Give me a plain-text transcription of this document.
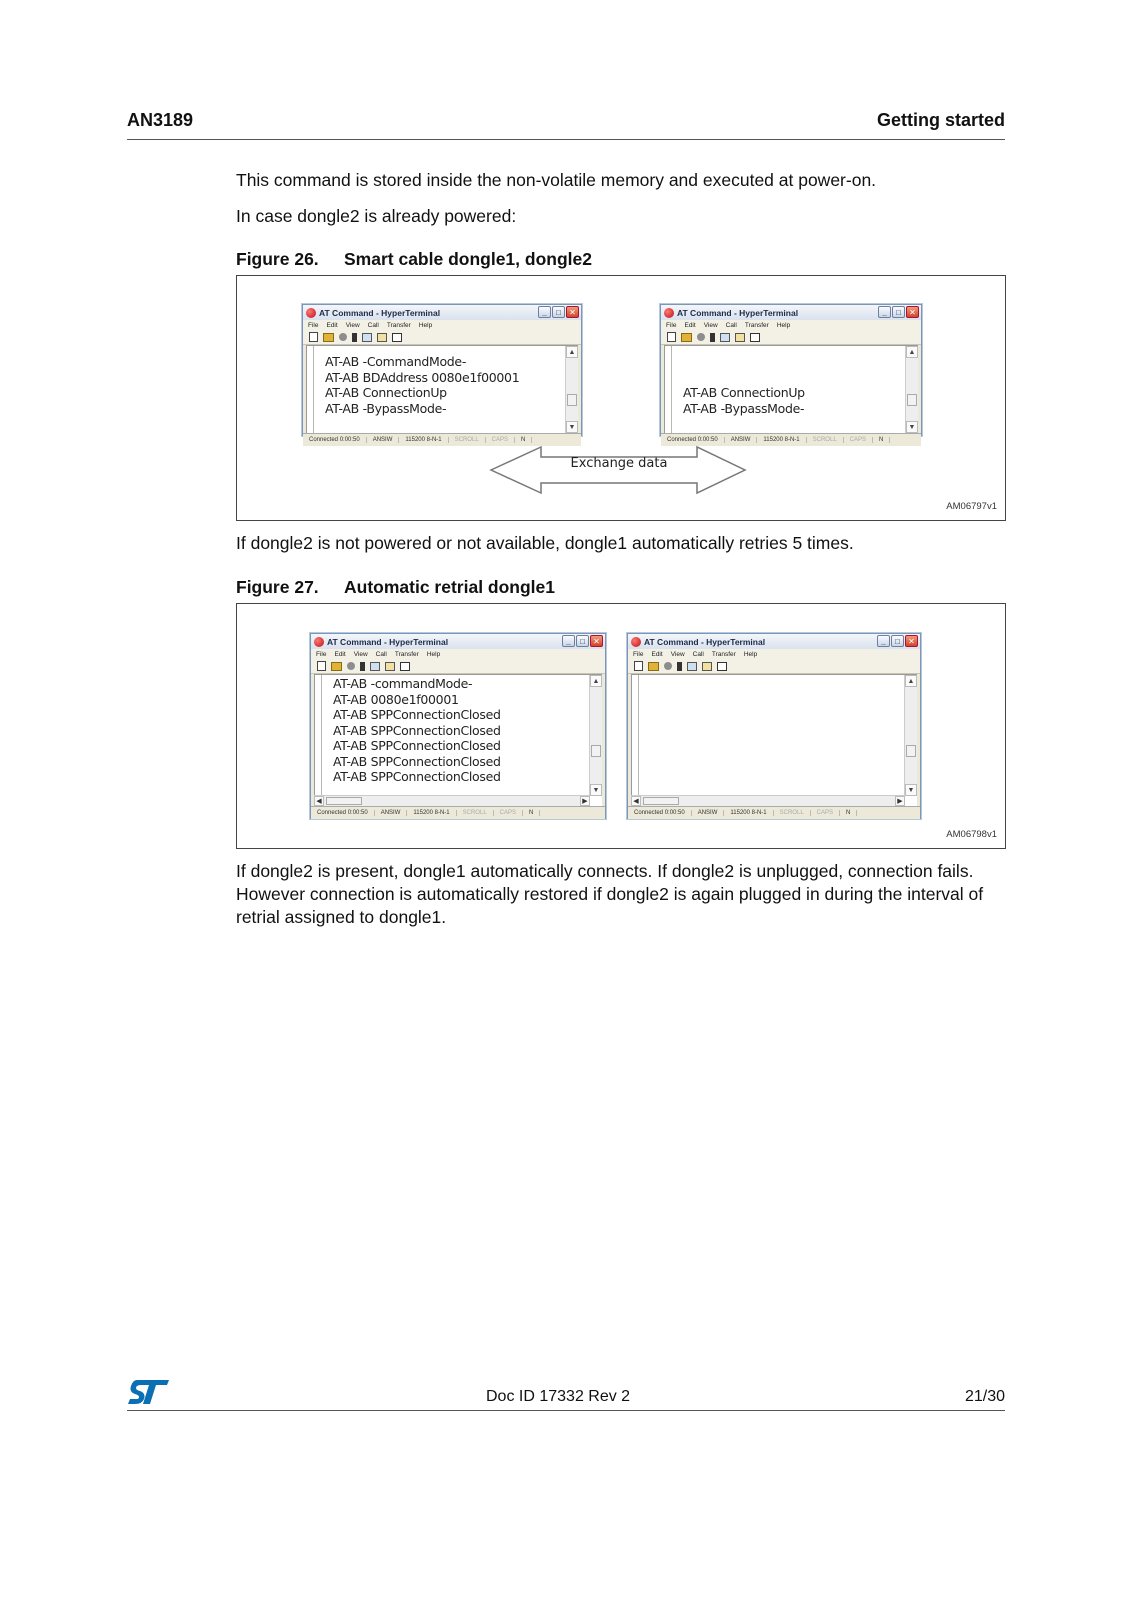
AN3189	Getting started
This command is stored inside the non-volatile memory and executed at power-on.
In case dongle2 is already powered:
Figure 26. Smart cable dongle1, dongle2
AT Command - HyperTerminal	_	□	✕
File Edit View Call Transfer Help
AT-AB -CommandMode-
AT-AB BDAddress 0080e1f00001
AT-AB ConnectionUp
AT-AB -BypassMode-
▲
▼
Connected 0:00:50	ANSIW	115200 8-N-1	SCROLL	CAPS	N
AT Command - HyperTerminal	_	□	✕
File Edit View Call Transfer Help

AT-AB ConnectionUp
AT-AB -BypassMode-
▲
▼
Connected 0:00:50	ANSIW	115200 8-N-1	SCROLL	CAPS	N
Exchange data
AM06797v1
If dongle2 is not powered or not available, dongle1 automatically retries 5 times.
Figure 27. Automatic retrial dongle1
AT Command - HyperTerminal	_	□	✕
File Edit View Call Transfer Help
AT-AB -commandMode-
AT-AB 0080e1f00001
AT-AB SPPConnectionClosed
AT-AB SPPConnectionClosed
AT-AB SPPConnectionClosed
AT-AB SPPConnectionClosed
AT-AB SPPConnectionClosed
▲
▼
◀	▶
Connected 0:00:50	ANSIW	115200 8-N-1	SCROLL	CAPS	N
AT Command - HyperTerminal	_	□	✕
File Edit View Call Transfer Help
▲
▼
◀	▶
Connected 0:00:50	ANSIW	115200 8-N-1	SCROLL	CAPS	N
AM06798v1
If dongle2 is present, dongle1 automatically connects. If dongle2 is unplugged, connection fails. However connection is automatically restored if dongle2 is again plugged in during the interval of retrial assigned to dongle1.
Doc ID 17332 Rev 2	21/30
